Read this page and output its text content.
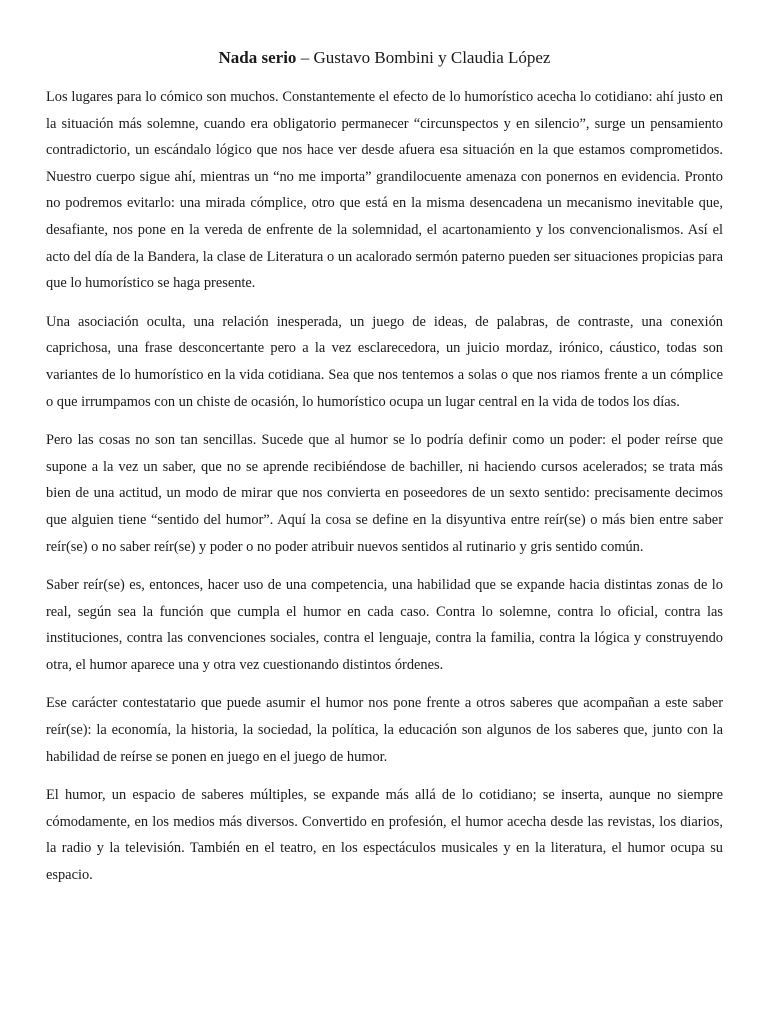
Nada serio – Gustavo Bombini y Claudia López

Los lugares para lo cómico son muchos. Constantemente el efecto de lo humorístico acecha lo cotidiano: ahí justo en la situación más solemne, cuando era obligatorio permanecer “circunspectos y en silencio”, surge un pensamiento contradictorio, un escándalo lógico que nos hace ver desde afuera esa situación en la que estamos comprometidos. Nuestro cuerpo sigue ahí, mientras un “no me importa” grandilocuente amenaza con ponernos en evidencia. Pronto no podremos evitarlo: una mirada cómplice, otro que está en la misma desencadena un mecanismo inevitable que, desafiante, nos pone en la vereda de enfrente de la solemnidad, el acartonamiento y los convencionalismos. Así el acto del día de la Bandera, la clase de Literatura o un acalorado sermón paterno pueden ser situaciones propicias para que lo humorístico se haga presente.

Una asociación oculta, una relación inesperada, un juego de ideas, de palabras, de contraste, una conexión caprichosa, una frase desconcertante pero a la vez esclarecedora, un juicio mordaz, irónico, cáustico, todas son variantes de lo humorístico en la vida cotidiana. Sea que nos tentemos a solas o que nos riamos frente a un cómplice o que irrumpamos con un chiste de ocasión, lo humorístico ocupa un lugar central en la vida de todos los días.

Pero las cosas no son tan sencillas. Sucede que al humor se lo podría definir como un poder: el poder reírse que supone a la vez un saber, que no se aprende recibiéndose de bachiller, ni haciendo cursos acelerados; se trata más bien de una actitud, un modo de mirar que nos convierta en poseedores de un sexto sentido: precisamente decimos que alguien tiene “sentido del humor”. Aquí la cosa se define en la disyuntiva entre reír(se) o más bien entre saber reír(se) o no saber reír(se) y poder o no poder atribuir nuevos sentidos al rutinario y gris sentido común.

Saber reír(se) es, entonces, hacer uso de una competencia, una habilidad que se expande hacia distintas zonas de lo real, según sea la función que cumpla el humor en cada caso. Contra lo solemne, contra lo oficial, contra las instituciones, contra las convenciones sociales, contra el lenguaje, contra la familia, contra la lógica y construyendo otra, el humor aparece una y otra vez cuestionando distintos órdenes.

Ese carácter contestatario que puede asumir el humor nos pone frente a otros saberes que acompañan a este saber reír(se): la economía, la historia, la sociedad, la política, la educación son algunos de los saberes que, junto con la habilidad de reírse se ponen en juego en el juego de humor.

El humor, un espacio de saberes múltiples, se expande más allá de lo cotidiano; se inserta, aunque no siempre cómodamente, en los medios más diversos. Convertido en profesión, el humor acecha desde las revistas, los diarios, la radio y la televisión. También en el teatro, en los espectáculos musicales y en la literatura, el humor ocupa su espacio.
